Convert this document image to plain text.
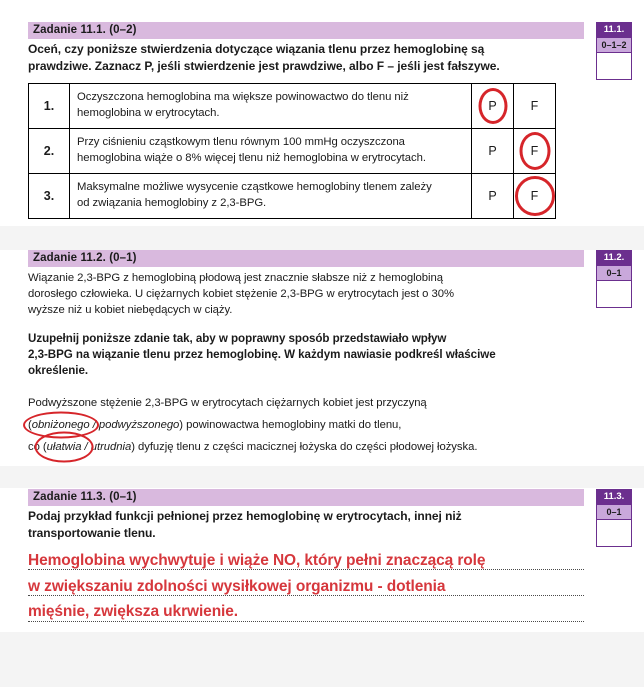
Zadanie 11.1. (0–2)
Oceń, czy poniższe stwierdzenia dotyczące wiązania tlenu przez hemoglobinę są
prawdziwe. Zaznacz P, jeśli stwierdzenie jest prawdziwe, albo F – jeśli jest fałszywe.
1.	Oczyszczona hemoglobina ma większe powinowactwo do tlenu niż
hemoglobina w erytrocytach.	P	F
2.	Przy ciśnieniu cząstkowym tlenu równym 100 mmHg oczyszczona
hemoglobina wiąże o 8% więcej tlenu niż hemoglobina w erytrocytach.	P	F
3.	Maksymalne możliwe wysycenie cząstkowe hemoglobiny tlenem zależy
od związania hemoglobiny z 2,3-BPG.	P	F
11.1.
0–1–2
Zadanie 11.2. (0–1)
Wiązanie 2,3-BPG z hemoglobiną płodową jest znacznie słabsze niż z hemoglobiną
dorosłego człowieka. U ciężarnych kobiet stężenie 2,3-BPG w erytrocytach jest o 30%
wyższe niż u kobiet niebędących w ciąży.
Uzupełnij poniższe zdanie tak, aby w poprawny sposób przedstawiało wpływ
2,3-BPG na wiązanie tlenu przez hemoglobinę. W każdym nawiasie podkreśl właściwe
określenie.
Podwyższone stężenie 2,3-BPG w erytrocytach ciężarnych kobiet jest przyczyną
(obniżonego / podwyższonego) powinowactwa hemoglobiny matki do tlenu,
co (ułatwia / utrudnia) dyfuzję tlenu z części macicznej łożyska do części płodowej łożyska.
11.2.
0–1
Zadanie 11.3. (0–1)
Podaj przykład funkcji pełnionej przez hemoglobinę w erytrocytach, innej niż
transportowanie tlenu.
Hemoglobina wychwytuje i wiąże NO, który pełni znaczącą rolę
w zwiększaniu zdolności wysiłkowej organizmu - dotlenia
mięśnie, zwiększa ukrwienie.
11.3.
0–1
